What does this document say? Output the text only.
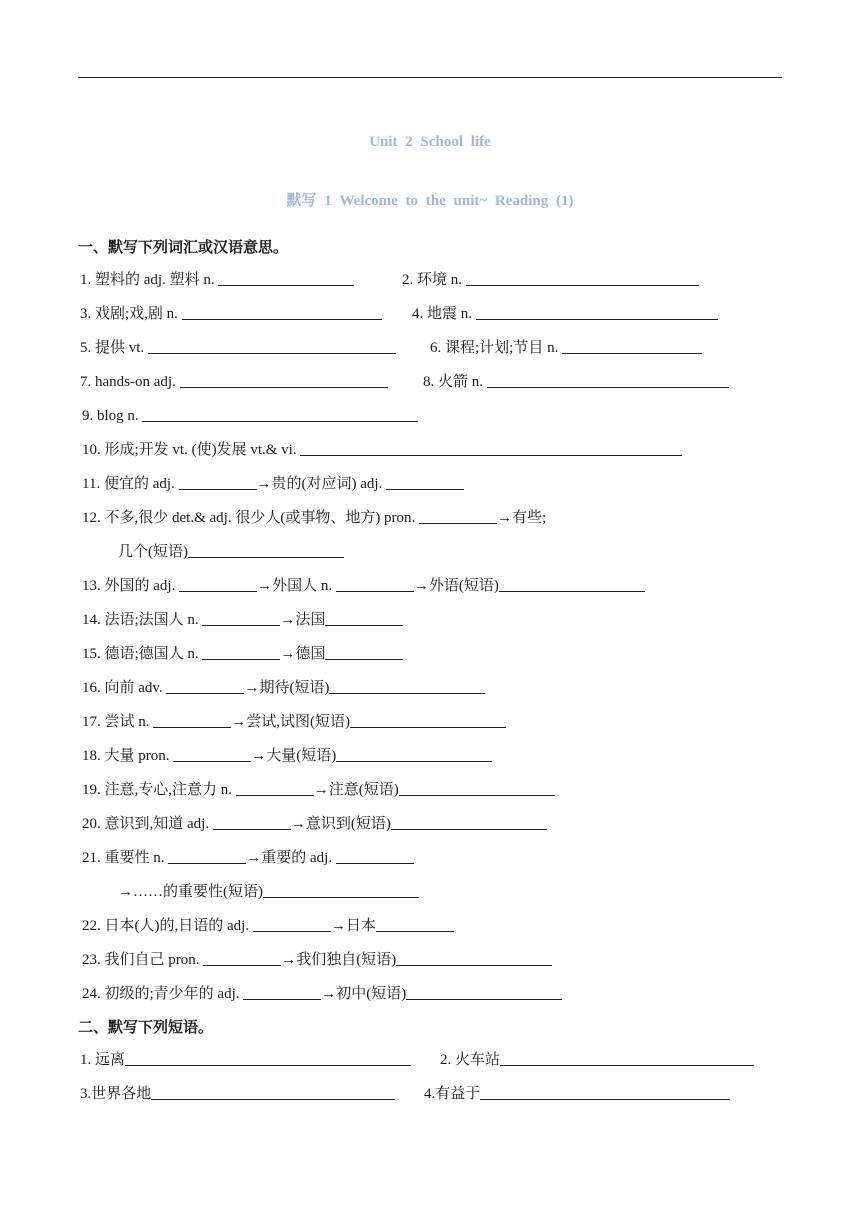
Unit 2 School life
默写 1 Welcome to the unit~ Reading (1)
一、默写下列词汇或汉语意思。
1. 塑料的 adj. 塑料 n.	2. 环境 n.
3. 戏剧;戏,剧 n.	4. 地震 n.
5. 提供 vt.	6. 课程;计划;节目 n.
7. hands-on adj.	8. 火箭 n.
9. blog n.
10. 形成;开发 vt. (使)发展 vt.& vi.
11. 便宜的 adj.	→贵的(对应词) adj.
12. 不多,很少 det.& adj. 很少人(或事物、地方) pron.	→有些;
几个(短语)
13. 外国的 adj.	→外国人 n.	→外语(短语)
14. 法语;法国人 n.	→法国
15. 德语;德国人 n.	→德国
16. 向前 adv.	→期待(短语)
17. 尝试 n.	→尝试,试图(短语)
18. 大量 pron.	→大量(短语)
19. 注意,专心,注意力 n.	→注意(短语)
20. 意识到,知道 adj.	→意识到(短语)
21. 重要性 n.	→重要的 adj.
→……的重要性(短语)
22. 日本(人)的,日语的 adj.	→日本
23. 我们自己 pron.	→我们独自(短语)
24. 初级的;青少年的 adj.	→初中(短语)
二、默写下列短语。
1. 远离	2. 火车站
3.世界各地	4.有益于
